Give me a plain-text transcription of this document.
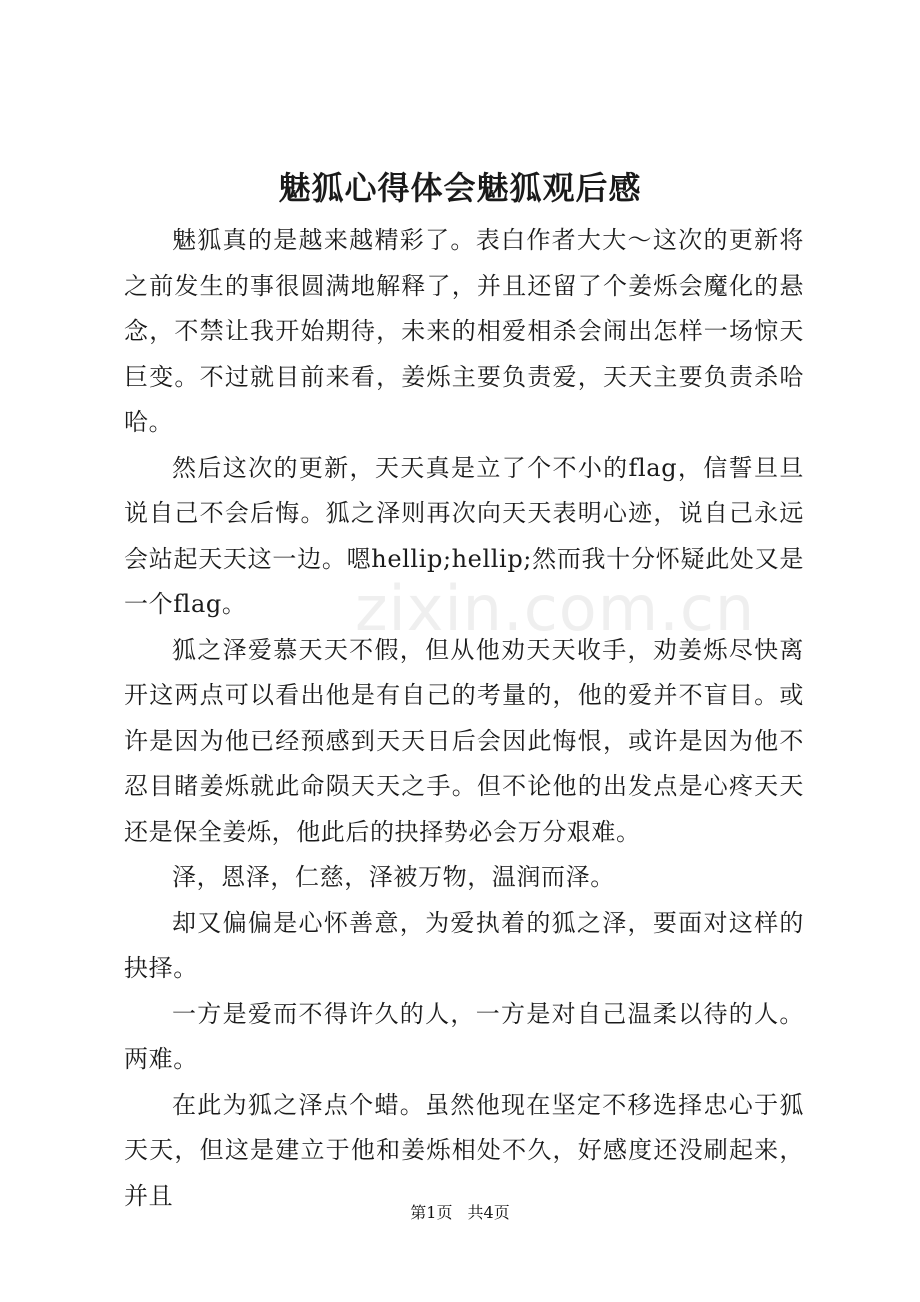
魅狐心得体会魅狐观后感
zixin.com.cn

魅狐真的是越来越精彩了。表白作者大大～这次的更新将之前发生的事很圆满地解释了，并且还留了个姜烁会魔化的悬念，不禁让我开始期待，未来的相爱相杀会闹出怎样一场惊天巨变。不过就目前来看，姜烁主要负责爱，天天主要负责杀哈哈。

然后这次的更新，天天真是立了个不小的flag，信誓旦旦说自己不会后悔。狐之泽则再次向天天表明心迹，说自己永远会站起天天这一边。嗯hellip;hellip;然而我十分怀疑此处又是一个flag。

狐之泽爱慕天天不假，但从他劝天天收手，劝姜烁尽快离开这两点可以看出他是有自己的考量的，他的爱并不盲目。或许是因为他已经预感到天天日后会因此悔恨，或许是因为他不忍目睹姜烁就此命陨天天之手。但不论他的出发点是心疼天天还是保全姜烁，他此后的抉择势必会万分艰难。

泽，恩泽，仁慈，泽被万物，温润而泽。

却又偏偏是心怀善意，为爱执着的狐之泽，要面对这样的抉择。

一方是爱而不得许久的人，一方是对自己温柔以待的人。两难。

在此为狐之泽点个蜡。虽然他现在坚定不移选择忠心于狐天天，但这是建立于他和姜烁相处不久，好感度还没刷起来，并且

第1页 共4页
